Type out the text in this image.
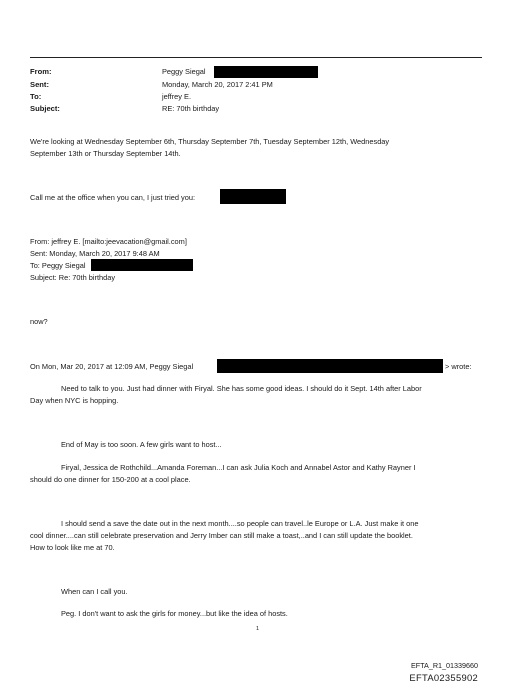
From:
Sent:
To:
Subject:
Peggy Siegal
Monday, March 20, 2017 2:41 PM
jeffrey E.
RE: 70th birthday
We're looking at Wednesday September 6th, Thursday September 7th, Tuesday September 12th, Wednesday
September 13th or Thursday September 14th.
Call me at the office when you can, I just tried you:
From: jeffrey E. [mailto:jeevacation@gmail.com]
Sent: Monday, March 20, 2017 9:48 AM
To: Peggy Siegal
Subject: Re: 70th birthday
now?
On Mon, Mar 20, 2017 at 12:09 AM, Peggy Siegal	> wrote:
Need to talk to you. Just had dinner with Firyal. She has some good ideas. I should do it Sept. 14th after Labor
Day when NYC is hopping.
End of May is too soon. A few girls want to host...
Firyal, Jessica de Rothchild...Amanda Foreman...I can ask Julia Koch and Annabel Astor and Kathy Rayner I
should do one dinner for 150-200 at a cool place.
I should send a save the date out in the next month....so people can travel..le Europe or L.A. Just make it one
cool dinner....can still celebrate preservation and Jerry Imber can still make a toast,..and I can still update the booklet.
How to look like me at 70.
When can I call you.
Peg. I don't want to ask the girls for money...but like the idea of hosts.
1
EFTA_R1_01339660
EFTA02355902
